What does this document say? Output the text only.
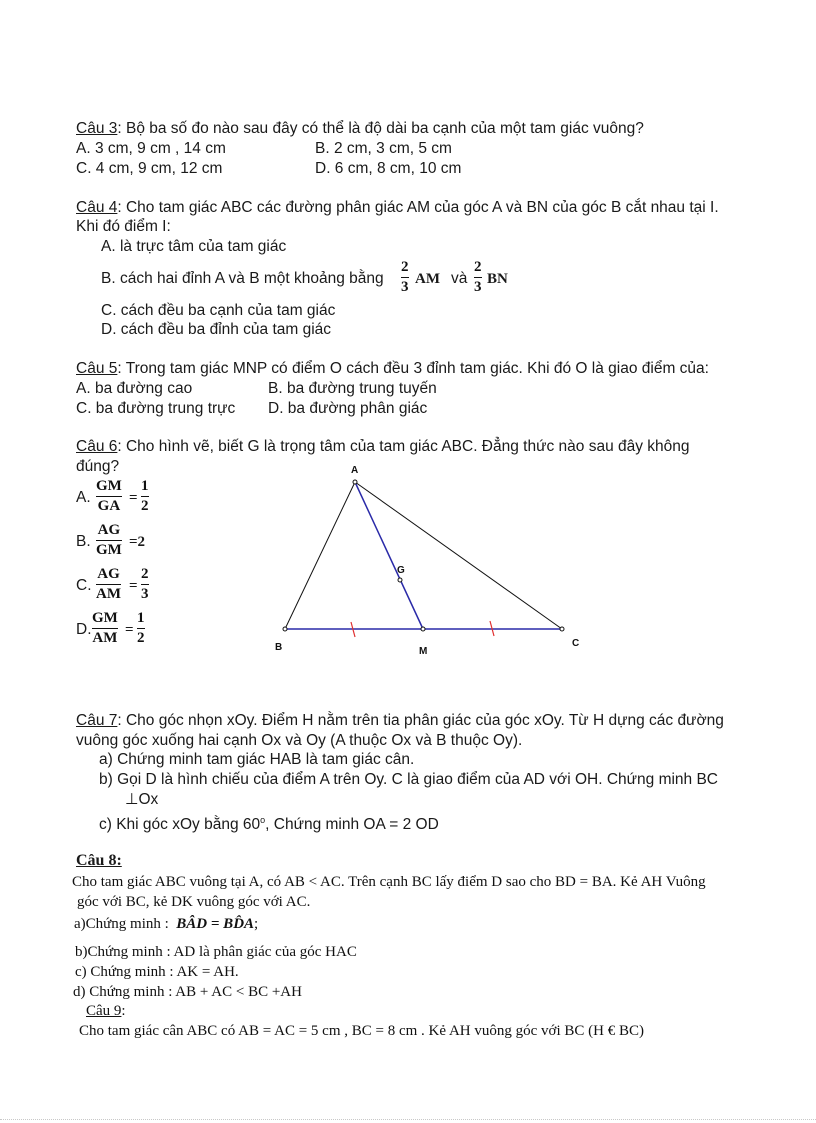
Câu 3: Bộ ba số đo nào sau đây có thể là độ dài ba cạnh của một tam giác vuông?
A. 3 cm, 9 cm , 14 cm	B. 2 cm, 3 cm, 5 cm
C. 4 cm, 9 cm, 12 cm	D. 6 cm, 8 cm, 10 cm
Câu 4: Cho tam giác ABC các đường phân giác AM của góc A và BN của góc B cắt nhau tại I.
Khi đó điểm I:
A. là trực tâm của tam giác
B. cách hai đỉnh A và B một khoảng bằng
2
3 AM và
2
3 BN
C. cách đều ba cạnh của tam giác
D. cách đều ba đỉnh của tam giác
Câu 5: Trong tam giác MNP có điểm O cách đều 3 đỉnh tam giác. Khi đó O là giao điểm của:
A. ba đường cao	B. ba đường trung tuyến
C. ba đường trung trực D. ba đường phân giác
Câu 6: Cho hình vẽ, biết G là trọng tâm của tam giác ABC. Đẳng thức nào sau đây không
đúng?
A.
GM
GA =
1
2
B.
AG
GM =2
C.
AG
AM =
2
3
D.
GM
AM =
1
2
A
B	C
M
G
Câu 7: Cho góc nhọn xOy. Điểm H nằm trên tia phân giác của góc xOy. Từ H dựng các đường
vuông góc xuống hai cạnh Ox và Oy (A thuộc Ox và B thuộc Oy).
a) Chứng minh tam giác HAB là tam giác cân.
b) Gọi D là hình chiếu của điểm A trên Oy. C là giao điểm của AD với OH. Chứng minh BC
⊥Ox
c) Khi góc xOy bằng 60$^o$, Chứng minh OA = 2 OD
Câu 8:
Cho tam giác ABC vuông tại A, có AB < AC. Trên cạnh BC lấy điểm D sao cho BD = BA. Kẻ AH Vuông
góc với BC, kẻ DK vuông góc với AC.
a)Chứng minh : BÂD = BD̂A;
b)Chứng minh : AD là phân giác của góc HAC
c) Chứng minh : AK = AH.
d) Chứng minh : AB + AC < BC +AH
Câu 9:
Cho tam giác cân ABC có AB = AC = 5 cm , BC = 8 cm . Kẻ AH vuông góc với BC (H € BC)
